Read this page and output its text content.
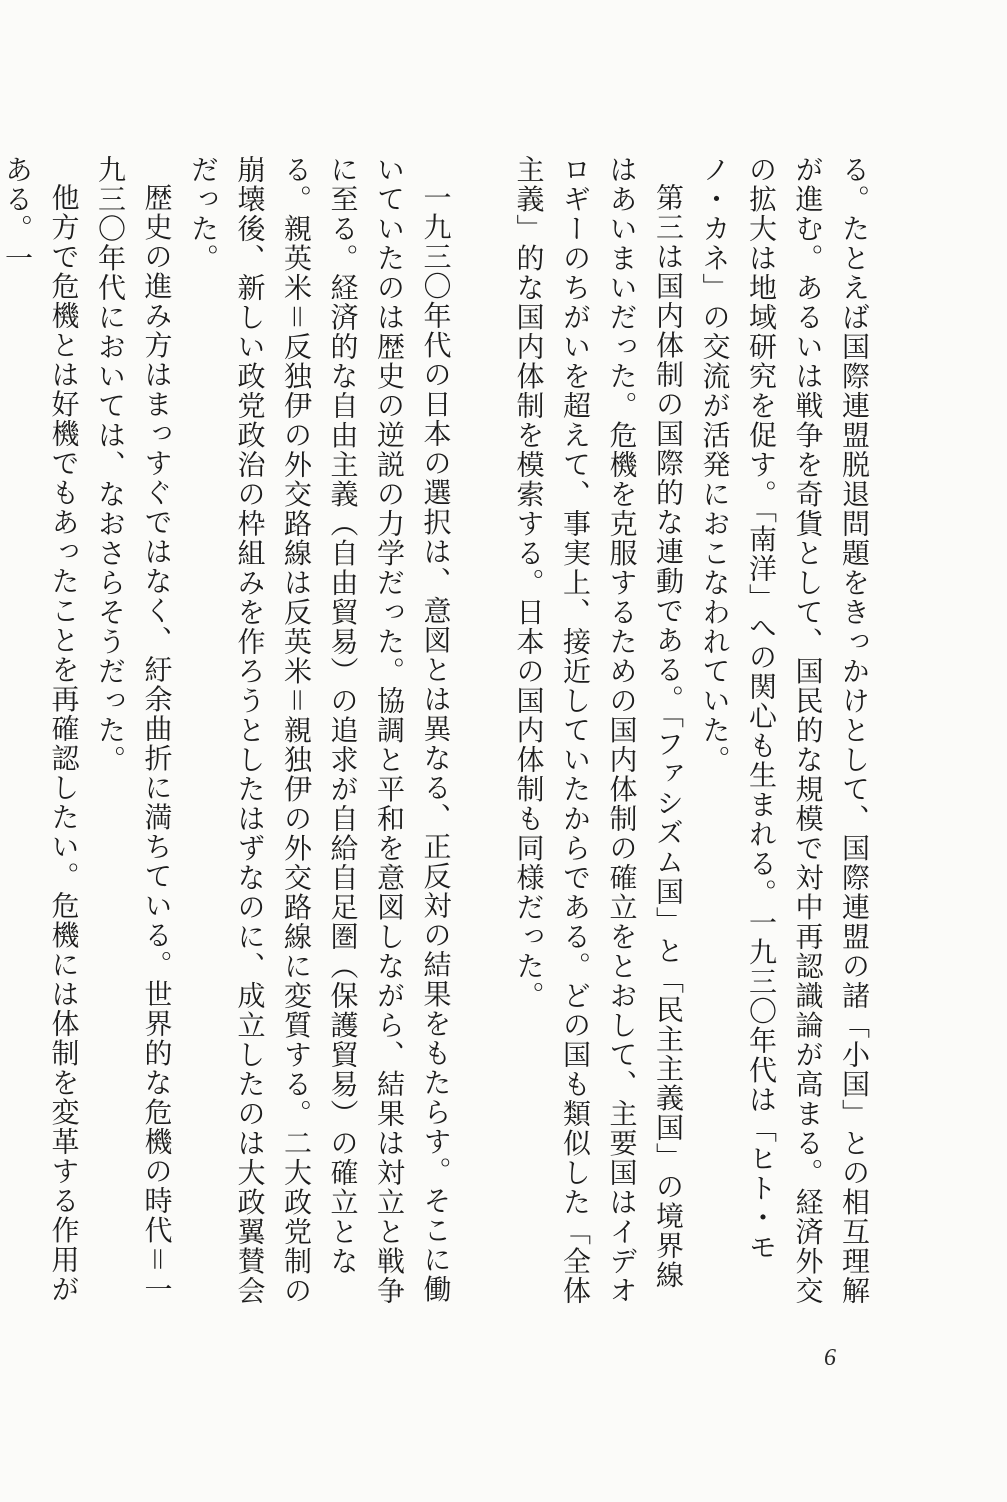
る。たとえば国際連盟脱退問題をきっかけとして、国際連盟の諸「小国」との相互理解が進む。あるいは戦争を奇貨として、国民的な規模で対中再認識論が高まる。経済外交の拡大は地域研究を促す。「南洋」への関心も生まれる。一九三〇年代は「ヒト・モノ・カネ」の交流が活発におこなわれていた。

第三は国内体制の国際的な連動である。「ファシズム国」と「民主主義国」の境界線はあいまいだった。危機を克服するための国内体制の確立をとおして、主要国はイデオロギーのちがいを超えて、事実上、接近していたからである。どの国も類似した「全体主義」的な国内体制を模索する。日本の国内体制も同様だった。

一九三〇年代の日本の選択は、意図とは異なる、正反対の結果をもたらす。そこに働いていたのは歴史の逆説の力学だった。協調と平和を意図しながら、結果は対立と戦争に至る。経済的な自由主義（自由貿易）の追求が自給自足圏（保護貿易）の確立となる。親英米＝反独伊の外交路線は反英米＝親独伊の外交路線に変質する。二大政党制の崩壊後、新しい政党政治の枠組みを作ろうとしたはずなのに、成立したのは大政翼賛会だった。

歴史の進み方はまっすぐではなく、紆余曲折に満ちている。世界的な危機の時代＝一九三〇年代においては、なおさらそうだった。

他方で危機とは好機でもあったことを再確認したい。危機には体制を変革する作用がある。一

6
